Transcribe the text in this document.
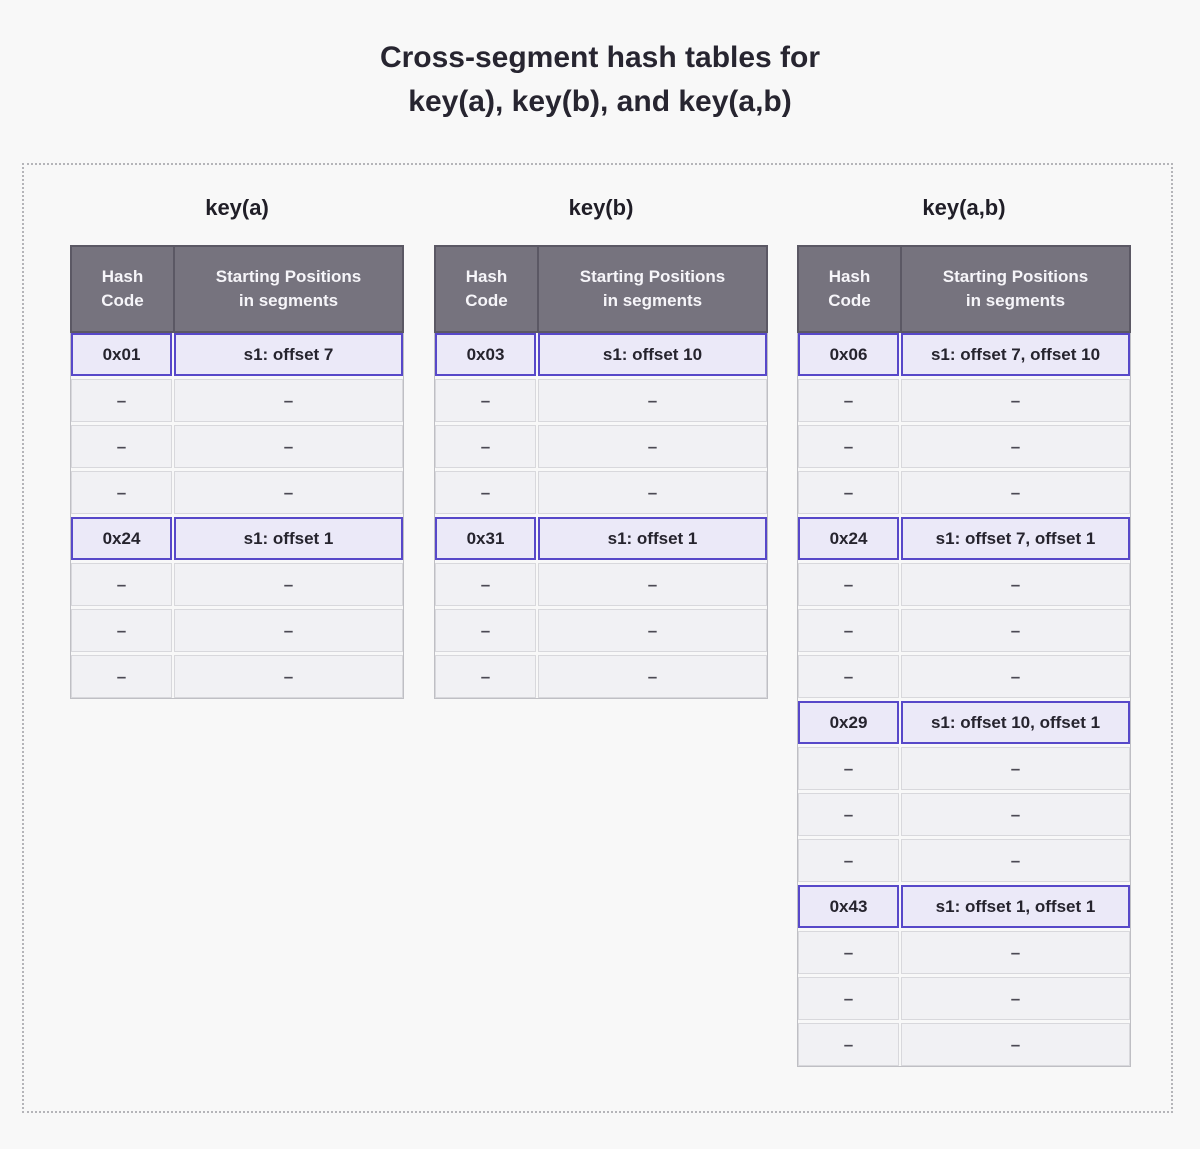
Cross-segment hash tables for
key(a), key(b), and key(a,b)
key(a)
Hash
Code
Starting Positions
in segments
0x01	s1: offset 7
–	–
–	–
–	–
0x24	s1: offset 1
–	–
–	–
–	–
key(b)
Hash
Code
Starting Positions
in segments
0x03	s1: offset 10
–	–
–	–
–	–
0x31	s1: offset 1
–	–
–	–
–	–
key(a,b)
Hash
Code
Starting Positions
in segments
0x06	s1: offset 7, offset 10
–	–
–	–
–	–
0x24	s1: offset 7, offset 1
–	–
–	–
–	–
0x29	s1: offset 10, offset 1
–	–
–	–
–	–
0x43	s1: offset 1, offset 1
–	–
–	–
–	–
